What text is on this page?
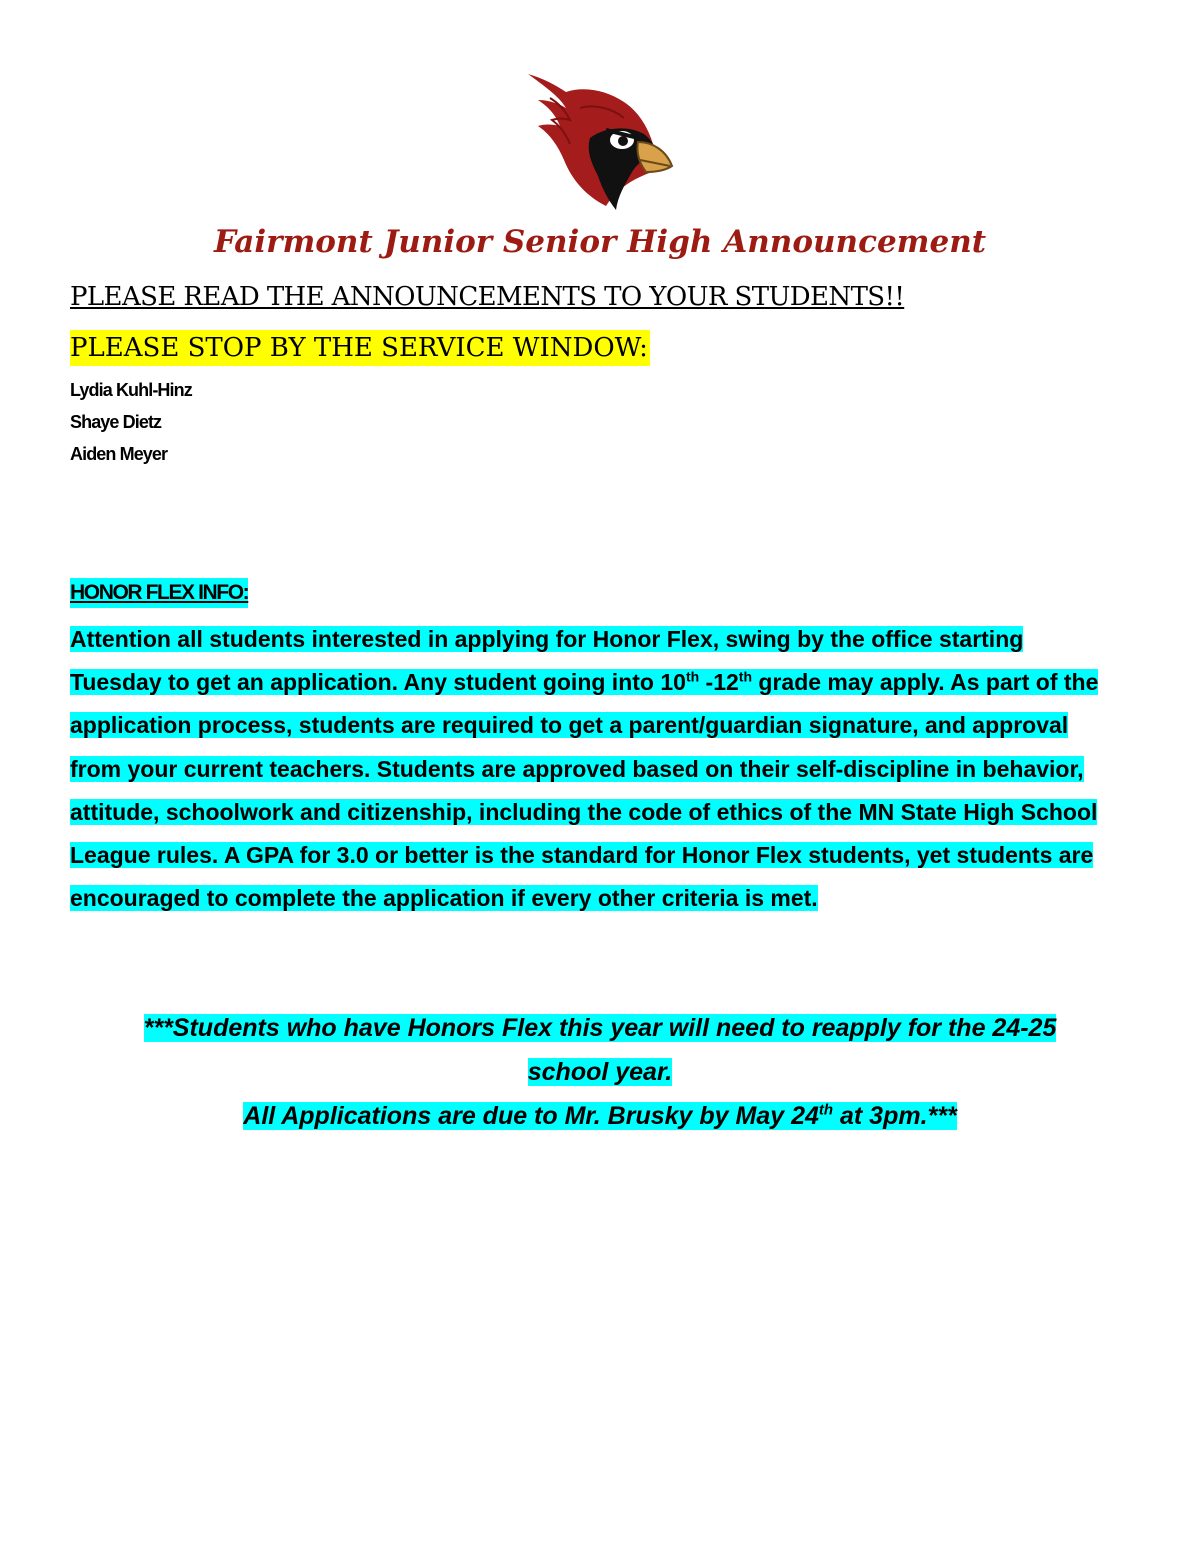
Fairmont Junior Senior High Announcement

PLEASE READ THE ANNOUNCEMENTS TO YOUR STUDENTS!!

PLEASE STOP BY THE SERVICE WINDOW:

Lydia Kuhl-Hinz
Shaye Dietz
Aiden Meyer

HONOR FLEX INFO:

Attention all students interested in applying for Honor Flex, swing by the office starting Tuesday to get an application. Any student going into 10th -12th grade may apply. As part of the application process, students are required to get a parent/guardian signature, and approval from your current teachers. Students are approved based on their self-discipline in behavior, attitude, schoolwork and citizenship, including the code of ethics of the MN State High School League rules. A GPA for 3.0 or better is the standard for Honor Flex students, yet students are encouraged to complete the application if every other criteria is met.

***Students who have Honors Flex this year will need to reapply for the 24-25 school year.
All Applications are due to Mr. Brusky by May 24th at 3pm.***
